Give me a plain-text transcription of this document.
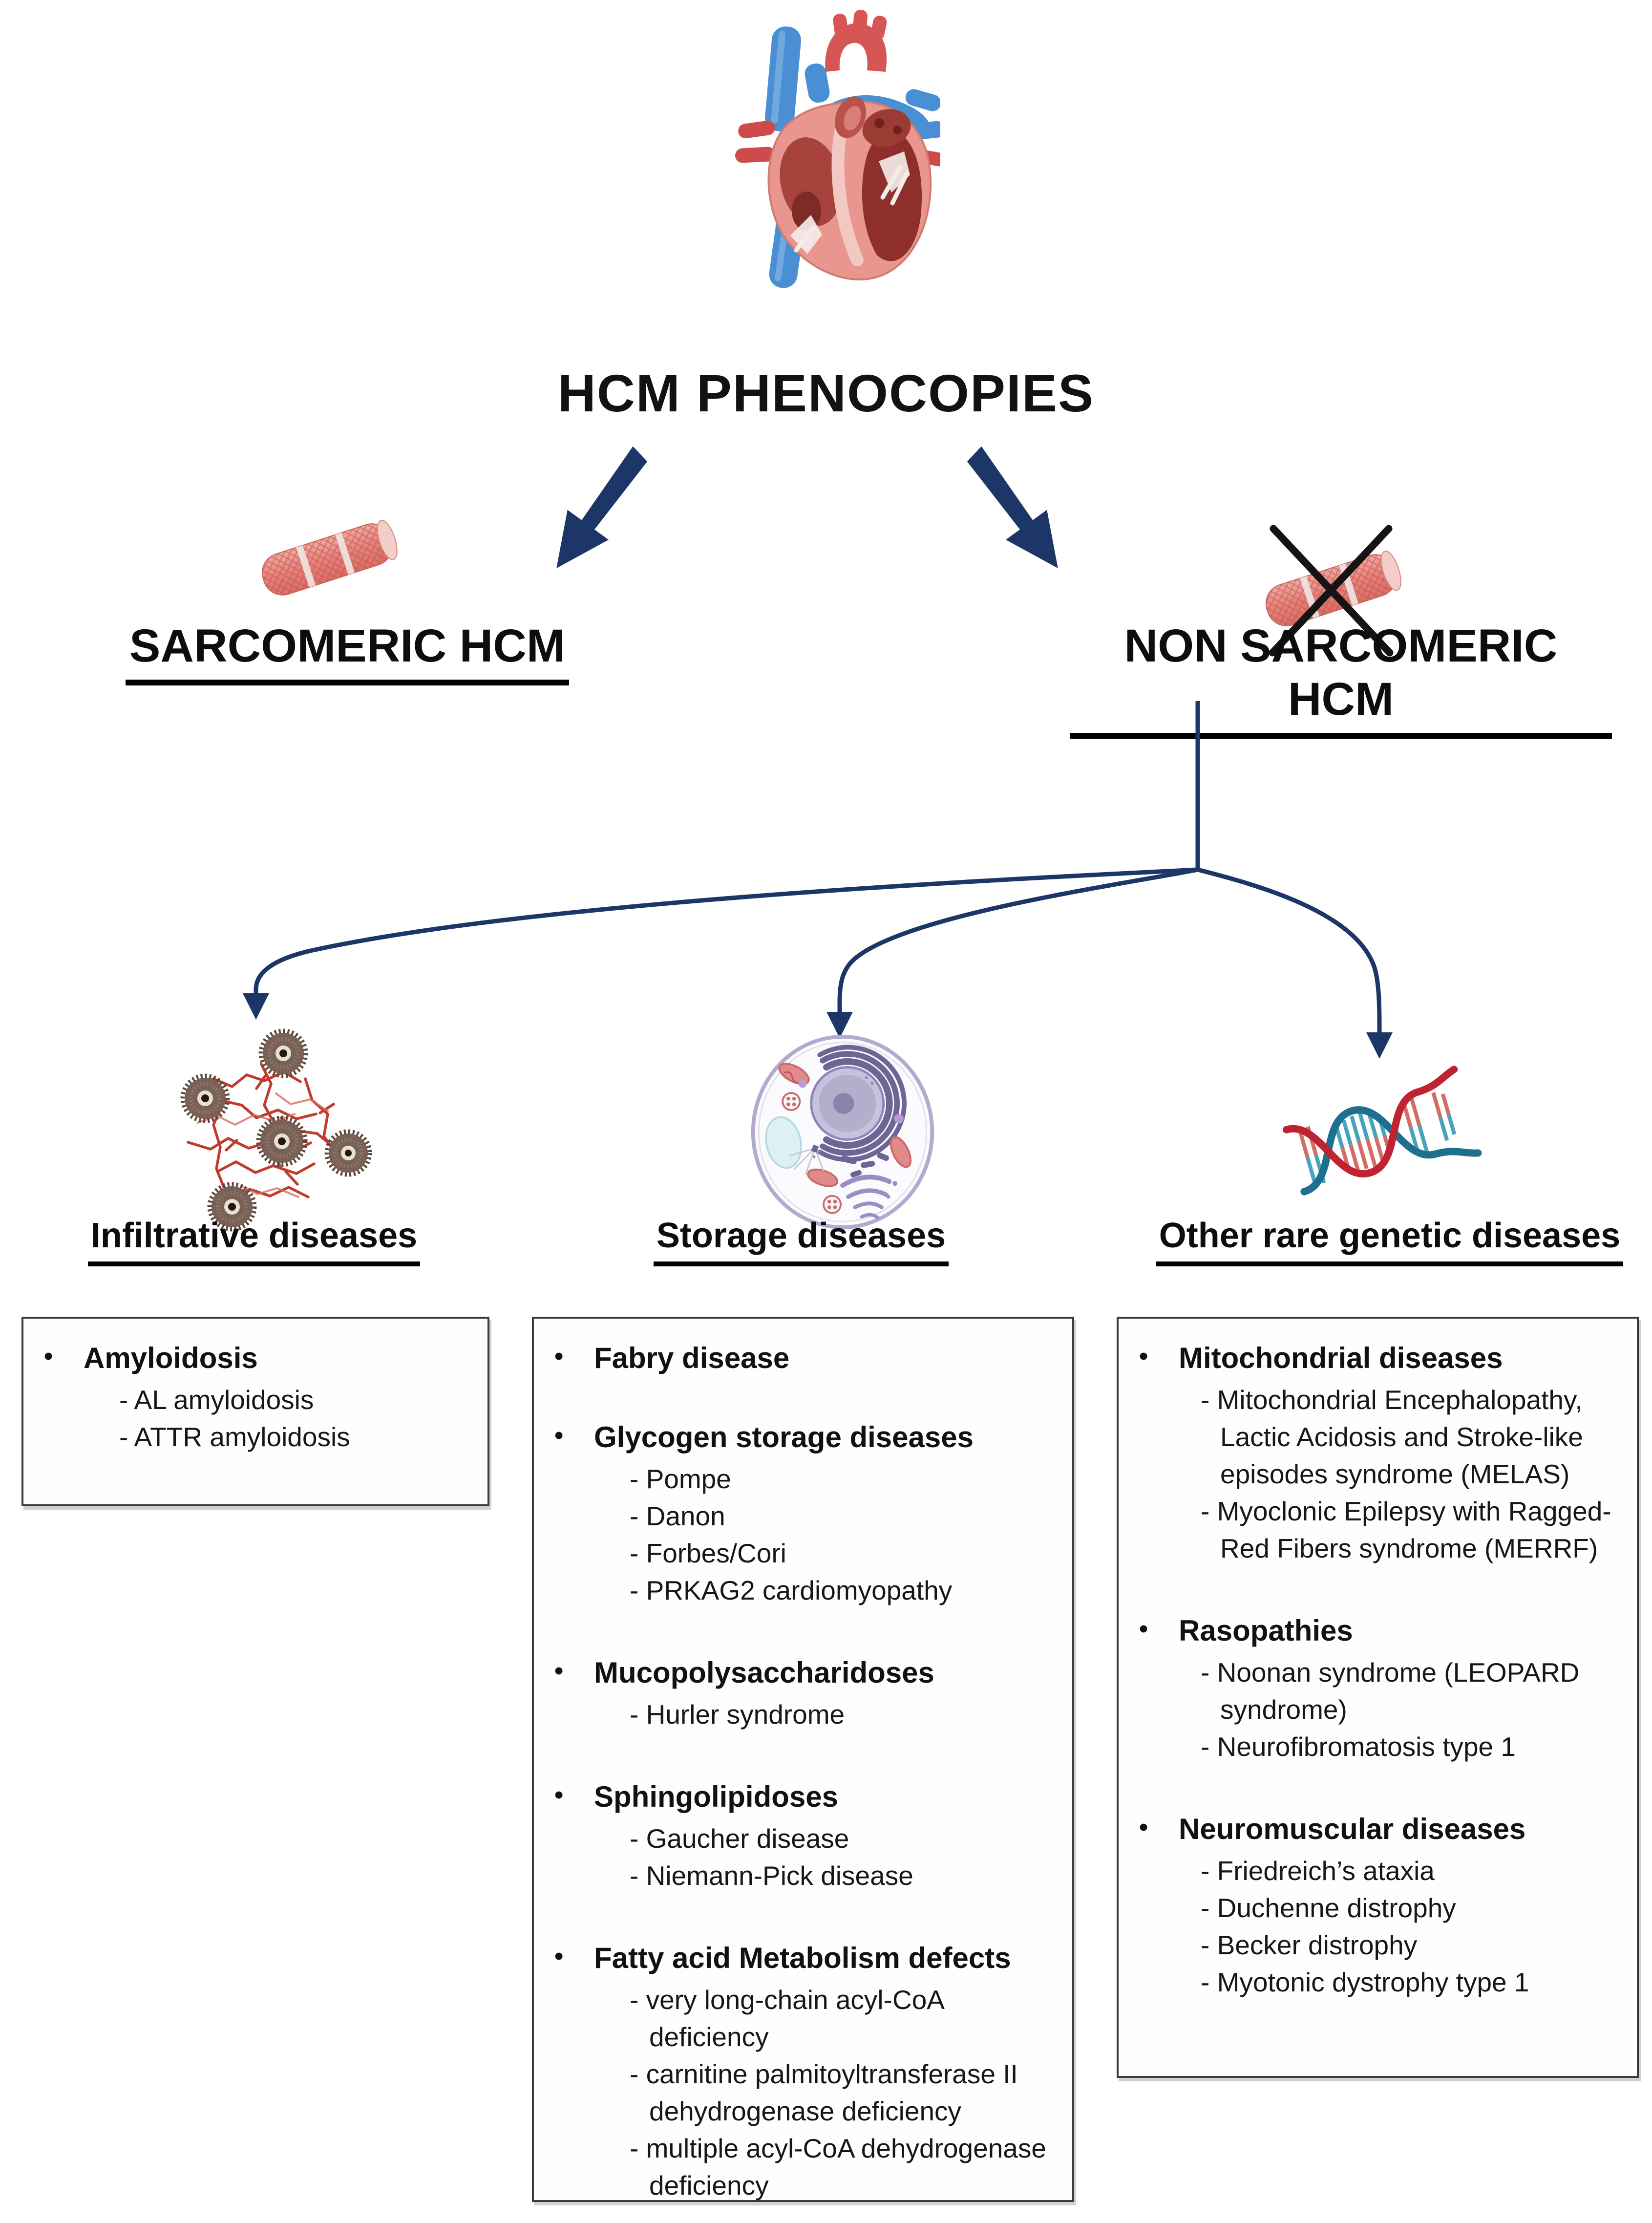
HCM PHENOCOPIES
SARCOMERIC HCM	NON SARCOMERIC HCM
Infiltrative diseases	Storage diseases	Other rare genetic diseases
• Amyloidosis
- AL amyloidosis
- ATTR amyloidosis
• Fabry disease
• Glycogen storage diseases
- Pompe
- Danon
- Forbes/Cori
- PRKAG2 cardiomyopathy
• Mucopolysaccharidoses
- Hurler syndrome
• Sphingolipidoses
- Gaucher disease
- Niemann-Pick disease
• Fatty acid Metabolism defects
- very long-chain acyl-CoA
deficiency
- carnitine palmitoyltransferase II
dehydrogenase deficiency
- multiple acyl-CoA dehydrogenase
deficiency
• Mitochondrial diseases
- Mitochondrial Encephalopathy,
Lactic Acidosis and Stroke-like
episodes syndrome (MELAS)
- Myoclonic Epilepsy with Ragged-
Red Fibers syndrome (MERRF)
• Rasopathies
- Noonan syndrome (LEOPARD
syndrome)
- Neurofibromatosis type 1
• Neuromuscular diseases
- Friedreich’s ataxia
- Duchenne distrophy
- Becker distrophy
- Myotonic dystrophy type 1
